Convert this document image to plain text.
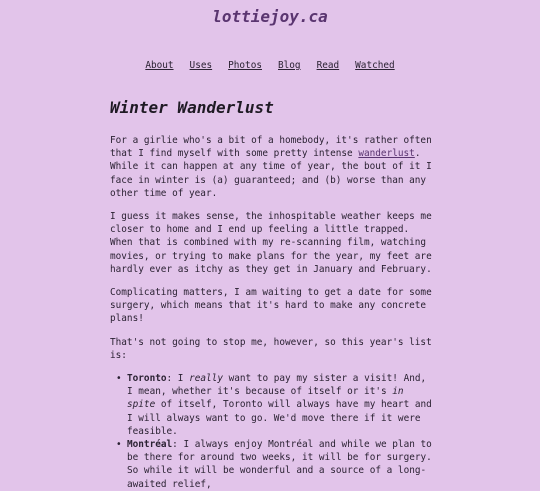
lottiejoy.ca
About Uses Photos Blog Read Watched
Winter Wanderlust

For a girlie who's a bit of a homebody, it's rather often that I find myself with some pretty intense wanderlust. While it can happen at any time of year, the bout of it I face in winter is (a) guaranteed; and (b) worse than any other time of year.

I guess it makes sense, the inhospitable weather keeps me closer to home and I end up feeling a little trapped. When that is combined with my re-scanning film, watching movies, or trying to make plans for the year, my feet are hardly ever as itchy as they get in January and February.

Complicating matters, I am waiting to get a date for some surgery, which means that it's hard to make any concrete plans!

That's not going to stop me, however, so this year's list is:

• Toronto: I really want to pay my sister a visit! And, I mean, whether it's because of itself or it's in spite of itself, Toronto will always have my heart and I will always want to go. We'd move there if it were feasible.
• Montréal: I always enjoy Montréal and while we plan to be there for around two weeks, it will be for surgery. So while it will be wonderful and a source of a long-awaited relief,
